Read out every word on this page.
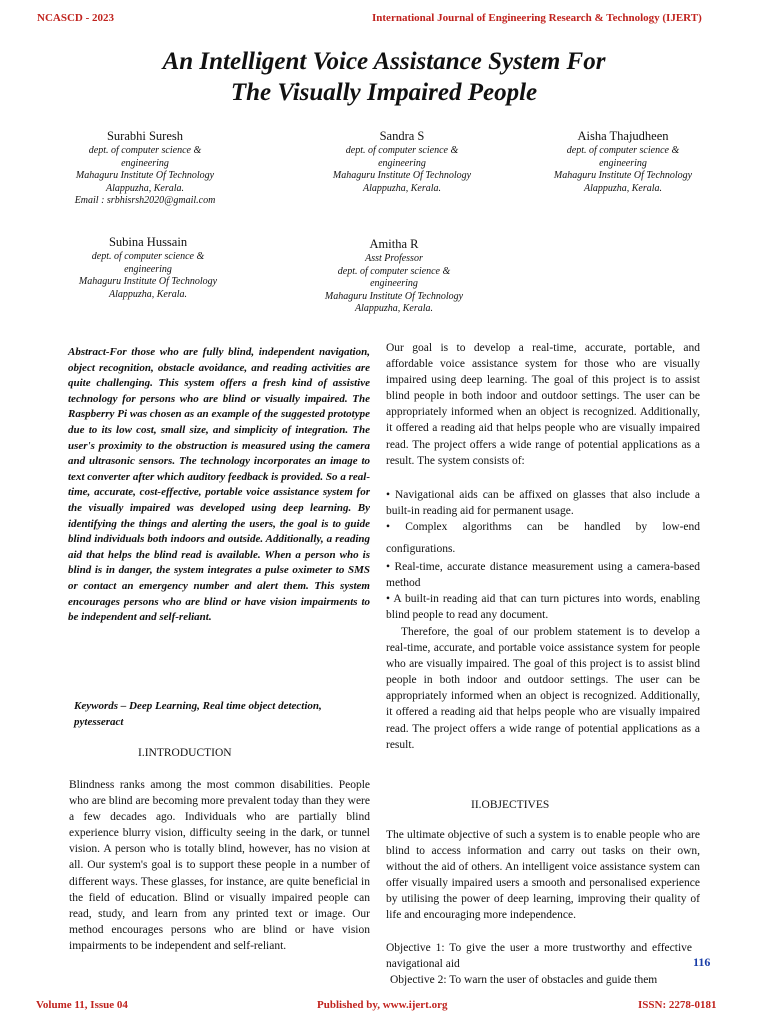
NCASCD - 2023	International Journal of Engineering Research & Technology (IJERT)
An Intelligent Voice Assistance System For
The Visually Impaired People
Surabhi Suresh
dept. of computer science &
engineering
Mahaguru Institute Of Technology
Alappuzha, Kerala.
Email : srbhisrsh2020@gmail.com
Sandra S
dept. of computer science &
engineering
Mahaguru Institute Of Technology
Alappuzha, Kerala.
Aisha Thajudheen
dept. of computer science &
engineering
Mahaguru Institute Of Technology
Alappuzha, Kerala.
Subina Hussain
dept. of computer science &
engineering
Mahaguru Institute Of Technology
Alappuzha, Kerala.
Amitha R
Asst Professor
dept. of computer science &
engineering
Mahaguru Institute Of Technology
Alappuzha, Kerala.

Abstract-For those who are fully blind, independent navigation, object recognition, obstacle avoidance, and reading activities are quite challenging. This system offers a fresh kind of assistive technology for persons who are blind or visually impaired. The Raspberry Pi was chosen as an example of the suggested prototype due to its low cost, small size, and simplicity of integration. The user's proximity to the obstruction is measured using the camera and ultrasonic sensors. The technology incorporates an image to text converter after which auditory feedback is provided. So a real-time, accurate, cost-effective, portable voice assistance system for the visually impaired was developed using deep learning. By identifying the things and alerting the users, the goal is to guide blind individuals both indoors and outside. Additionally, a reading aid that helps the blind read is available. When a person who is blind is in danger, the system integrates a pulse oximeter to SMS or contact an emergency number and alert them. This system encourages persons who are blind or have vision impairments to be independent and self-reliant.

Keywords – Deep Learning, Real time object detection, pytesseract

I.INTRODUCTION

Blindness ranks among the most common disabilities. People who are blind are becoming more prevalent today than they were a few decades ago. Individuals who are partially blind experience blurry vision, difficulty seeing in the dark, or tunnel vision. A person who is totally blind, however, has no vision at all. Our system's goal is to support these people in a number of different ways. These glasses, for instance, are quite beneficial in the field of education. Blind or visually impaired people can read, study, and learn from any printed text or image. Our method encourages persons who are blind or have vision impairments to be independent and self-reliant.

Our goal is to develop a real-time, accurate, portable, and affordable voice assistance system for those who are visually impaired using deep learning. The goal of this project is to assist blind people in both indoor and outdoor settings. The user can be appropriately informed when an object is recognized. Additionally, it offered a reading aid that helps people who are visually impaired read. The project offers a wide range of potential applications as a result. The system consists of:

• Navigational aids can be affixed on glasses that also include a built-in reading aid for permanent usage.

• Complex algorithms can be handled by low-end

configurations.

• Real-time, accurate distance measurement using a camera-based method

• A built-in reading aid that can turn pictures into words, enabling blind people to read any document.

Therefore, the goal of our problem statement is to develop a real-time, accurate, and portable voice assistance system for people who are visually impaired. The goal of this project is to assist blind people in both indoor and outdoor settings. The user can be appropriately informed when an object is recognized. Additionally, it offered a reading aid that helps people who are visually impaired read. The project offers a wide range of potential applications as a result.

II.OBJECTIVES

The ultimate objective of such a system is to enable people who are blind to access information and carry out tasks on their own, without the aid of others. An intelligent voice assistance system can offer visually impaired users a smooth and personalised experience by utilising the power of deep learning, improving their quality of life and encouraging more independence.

Objective 1: To give the user a more trustworthy and effective navigational aid

Objective 2: To warn the user of obstacles and guide them

116
Volume 11, Issue 04	Published by, www.ijert.org	ISSN: 2278-0181
